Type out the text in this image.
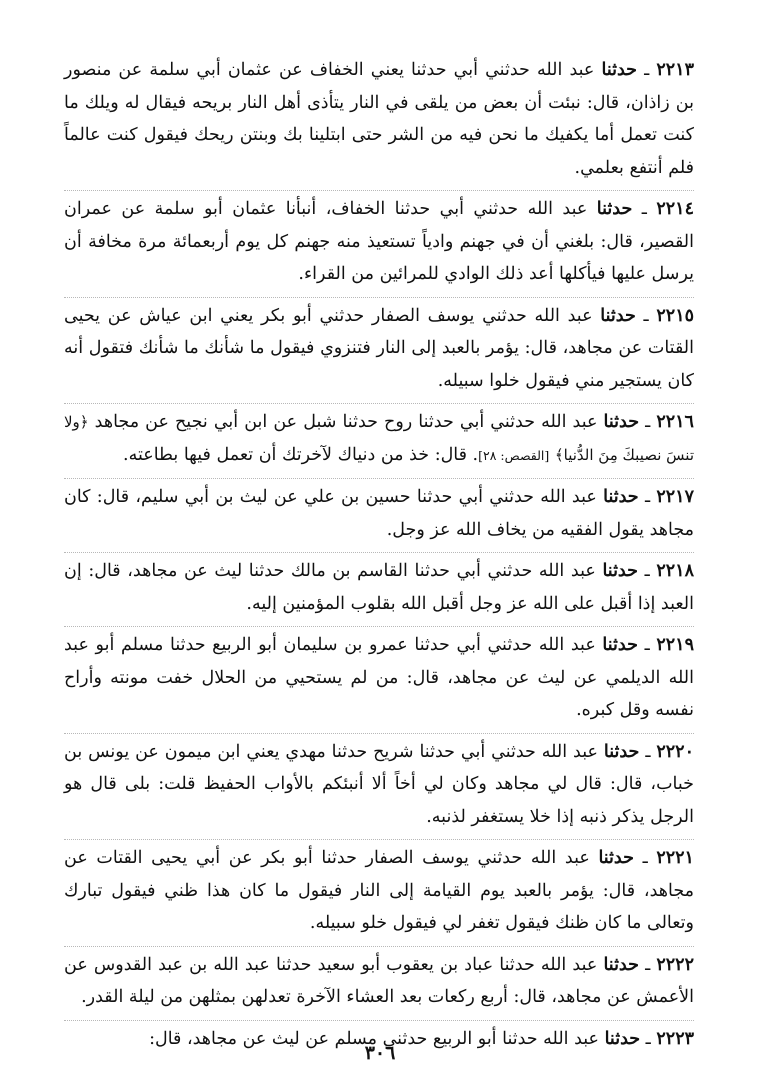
٢٢١٣ ـ حدثنا عبد الله حدثني أبي حدثنا يعني الخفاف عن عثمان أبي سلمة عن منصور بن زاذان، قال: نبئت أن بعض من يلقى في النار يتأذى أهل النار بريحه فيقال له ويلك ما كنت تعمل أما يكفيك ما نحن فيه من الشر حتى ابتلينا بك وبنتن ريحك فيقول كنت عالماً فلم أنتفع بعلمي.

٢٢١٤ ـ حدثنا عبد الله حدثني أبي حدثنا الخفاف، أنبأنا عثمان أبو سلمة عن عمران القصير، قال: بلغني أن في جهنم وادياً تستعيذ منه جهنم كل يوم أربعمائة مرة مخافة أن يرسل عليها فيأكلها أعد ذلك الوادي للمرائين من القراء.

٢٢١٥ ـ حدثنا عبد الله حدثني يوسف الصفار حدثني أبو بكر يعني ابن عياش عن يحيى القتات عن مجاهد، قال: يؤمر بالعبد إلى النار فتنزوي فيقول ما شأنك ما شأنك فتقول أنه كان يستجير مني فيقول خلوا سبيله.

٢٢١٦ ـ حدثنا عبد الله حدثني أبي حدثنا روح حدثنا شبل عن ابن أبي نجيح عن مجاهد ﴿ولا تنسَ نصيبكَ مِنَ الدُّنيا﴾ [القصص: ٢٨]. قال: خذ من دنياك لآخرتك أن تعمل فيها بطاعته.

٢٢١٧ ـ حدثنا عبد الله حدثني أبي حدثنا حسين بن علي عن ليث بن أبي سليم، قال: كان مجاهد يقول الفقيه من يخاف الله عز وجل.

٢٢١٨ ـ حدثنا عبد الله حدثني أبي حدثنا القاسم بن مالك حدثنا ليث عن مجاهد، قال: إن العبد إذا أقبل على الله عز وجل أقبل الله بقلوب المؤمنين إليه.

٢٢١٩ ـ حدثنا عبد الله حدثني أبي حدثنا عمرو بن سليمان أبو الربيع حدثنا مسلم أبو عبد الله الديلمي عن ليث عن مجاهد، قال: من لم يستحيي من الحلال خفت مونته وأراح نفسه وقل كبره.

٢٢٢٠ ـ حدثنا عبد الله حدثني أبي حدثنا شريح حدثنا مهدي يعني ابن ميمون عن يونس بن خباب، قال: قال لي مجاهد وكان لي أخاً ألا أنبئكم بالأواب الحفيظ قلت: بلى قال هو الرجل يذكر ذنبه إذا خلا يستغفر لذنبه.

٢٢٢١ ـ حدثنا عبد الله حدثني يوسف الصفار حدثنا أبو بكر عن أبي يحيى القتات عن مجاهد، قال: يؤمر بالعبد يوم القيامة إلى النار فيقول ما كان هذا ظني فيقول تبارك وتعالى ما كان ظنك فيقول تغفر لي فيقول خلو سبيله.

٢٢٢٢ ـ حدثنا عبد الله حدثنا عباد بن يعقوب أبو سعيد حدثنا عبد الله بن عبد القدوس عن الأعمش عن مجاهد، قال: أربع ركعات بعد العشاء الآخرة تعدلهن بمثلهن من ليلة القدر.

٢٢٢٣ ـ حدثنا عبد الله حدثنا أبو الربيع حدثني مسلم عن ليث عن مجاهد، قال:

٣٠٦
